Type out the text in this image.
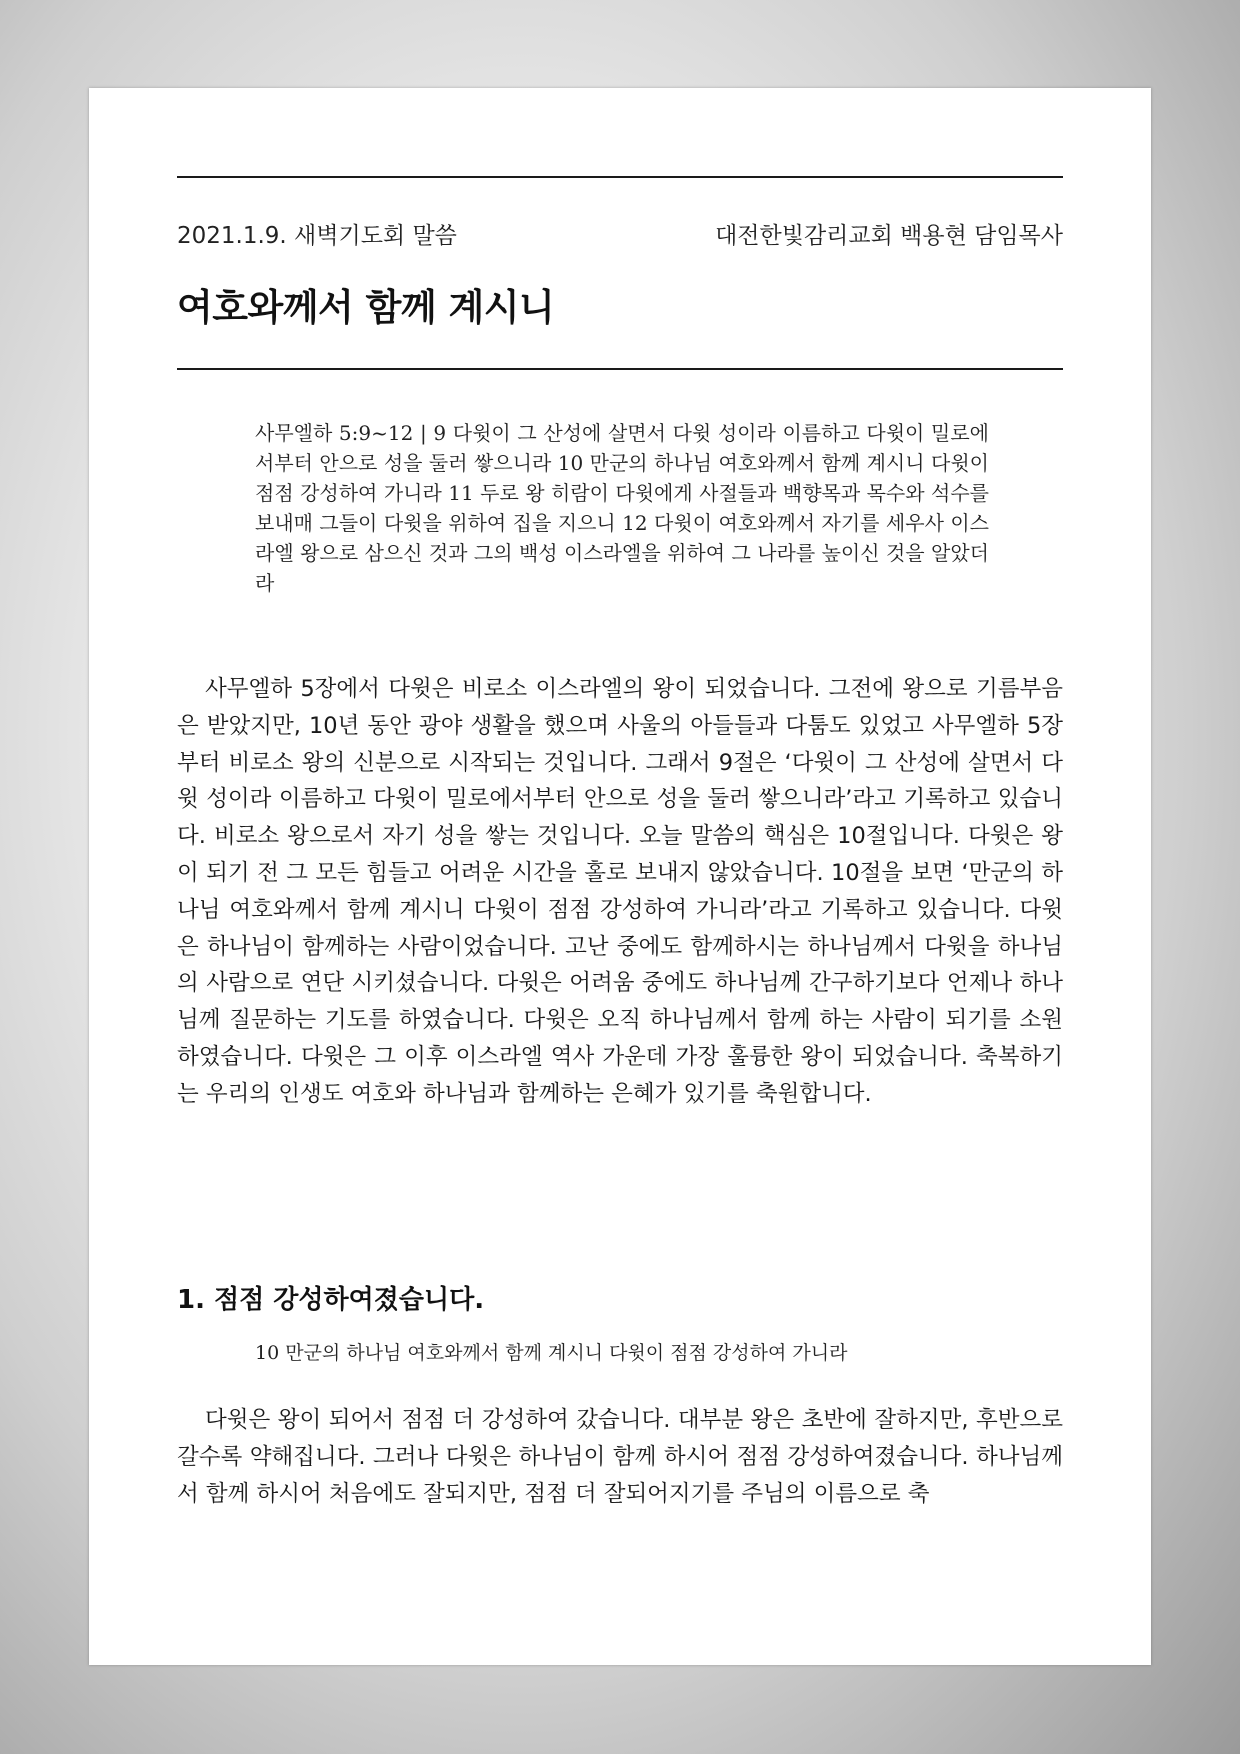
2021.1.9. 새벽기도회 말씀	대전한빛감리교회 백용현 담임목사
여호와께서 함께 계시니

사무엘하 5:9~12 | 9 다윗이 그 산성에 살면서 다윗 성이라 이름하고 다윗이 밀로에서부터 안으로 성을 둘러 쌓으니라 10 만군의 하나님 여호와께서 함께 계시니 다윗이 점점 강성하여 가니라 11 두로 왕 히람이 다윗에게 사절들과 백향목과 목수와 석수를 보내매 그들이 다윗을 위하여 집을 지으니 12 다윗이 여호와께서 자기를 세우사 이스라엘 왕으로 삼으신 것과 그의 백성 이스라엘을 위하여 그 나라를 높이신 것을 알았더라

사무엘하 5장에서 다윗은 비로소 이스라엘의 왕이 되었습니다. 그전에 왕으로 기름부음은 받았지만, 10년 동안 광야 생활을 했으며 사울의 아들들과 다툼도 있었고 사무엘하 5장부터 비로소 왕의 신분으로 시작되는 것입니다. 그래서 9절은 ‘다윗이 그 산성에 살면서 다윗 성이라 이름하고 다윗이 밀로에서부터 안으로 성을 둘러 쌓으니라’라고 기록하고 있습니다. 비로소 왕으로서 자기 성을 쌓는 것입니다. 오늘 말씀의 핵심은 10절입니다. 다윗은 왕이 되기 전 그 모든 힘들고 어려운 시간을 홀로 보내지 않았습니다. 10절을 보면 ‘만군의 하나님 여호와께서 함께 계시니 다윗이 점점 강성하여 가니라’라고 기록하고 있습니다. 다윗은 하나님이 함께하는 사람이었습니다. 고난 중에도 함께하시는 하나님께서 다윗을 하나님의 사람으로 연단 시키셨습니다. 다윗은 어려움 중에도 하나님께 간구하기보다 언제나 하나님께 질문하는 기도를 하였습니다. 다윗은 오직 하나님께서 함께 하는 사람이 되기를 소원하였습니다. 다윗은 그 이후 이스라엘 역사 가운데 가장 훌륭한 왕이 되었습니다. 축복하기는 우리의 인생도 여호와 하나님과 함께하는 은혜가 있기를 축원합니다.

1. 점점 강성하여졌습니다.

10 만군의 하나님 여호와께서 함께 계시니 다윗이 점점 강성하여 가니라

다윗은 왕이 되어서 점점 더 강성하여 갔습니다. 대부분 왕은 초반에 잘하지만, 후반으로 갈수록 약해집니다. 그러나 다윗은 하나님이 함께 하시어 점점 강성하여졌습니다. 하나님께서 함께 하시어 처음에도 잘되지만, 점점 더 잘되어지기를 주님의 이름으로 축
